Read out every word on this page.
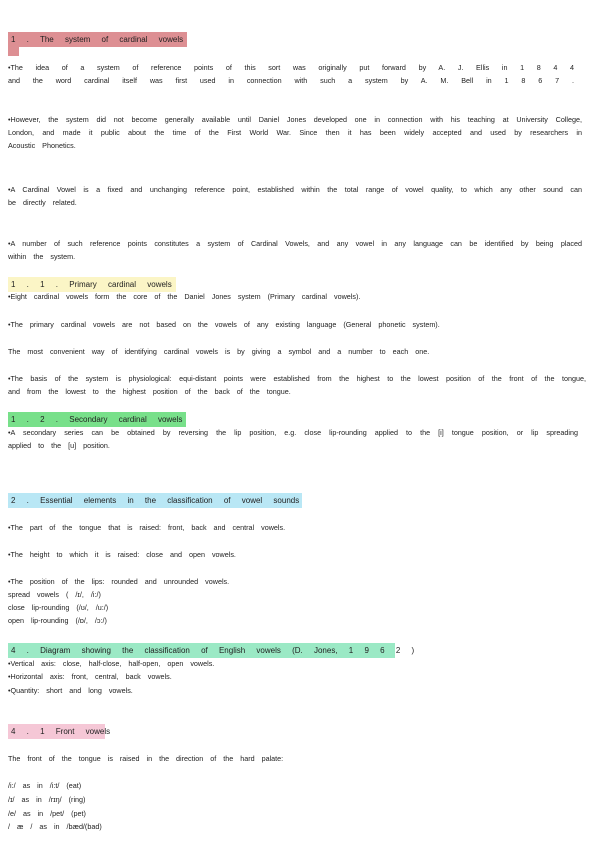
1 . The system of cardinal vowels
•The idea of a system of reference points of this sort was originally put forward by A. J. Ellis in 1 8 4 4
and the word cardinal itself was first used in connection with such a system by A. M. Bell in 1 8 6 7 .
•However, the system did not become generally available until Daniel Jones developed one in connection with his teaching at University College, London, and made it public about the time of the First World War. Since then it has been widely accepted and used by researchers in Acoustic Phonetics.
•A Cardinal Vowel is a fixed and unchanging reference point, established within the total range of vowel quality, to which any other sound can be directly related.
•A number of such reference points constitutes a system of Cardinal Vowels, and any vowel in any language can be identified by being placed within the system.
1 . 1 . Primary cardinal vowels
•Eight cardinal vowels form the core of the Daniel Jones system (Primary cardinal vowels).
•The primary cardinal vowels are not based on the vowels of any existing language (General phonetic system).
The most convenient way of identifying cardinal vowels is by giving a symbol and a number to each one.
•The basis of the system is physiological: equi-distant points were established from the highest to the lowest position of the front of the tongue, and from the lowest to the highest position of the back of the tongue.
1 . 2 . Secondary cardinal vowels
•A secondary series can be obtained by reversing the lip position, e.g. close lip-rounding applied to the [i] tongue position, or lip spreading applied to the [u] position.
2 . Essential elements in the classification of vowel sounds
•The part of the tongue that is raised: front, back and central vowels.
•The height to which it is raised: close and open vowels.
•The position of the lips: rounded and unrounded vowels.
spread vowels ( /ɪ/, /i:/)
close lip-rounding (/ʊ/, /u:/)
open lip-rounding (/ɒ/, /ɔ:/)
4 . Diagram showing the classification of English vowels (D. Jones, 1 9 6 2 )
•Vertical axis: close, half-close, half-open, open vowels.
•Horizontal axis: front, central, back vowels.
•Quantity: short and long vowels.
4 . 1 Front vowels
The front of the tongue is raised in the direction of the hard palate:
/i:/ as in /i:t/ (eat)
/ɪ/ as in /rɪŋ/ (ring)
/e/ as in /pet/ (pet)
/ æ / as in /bæd/(bad)
